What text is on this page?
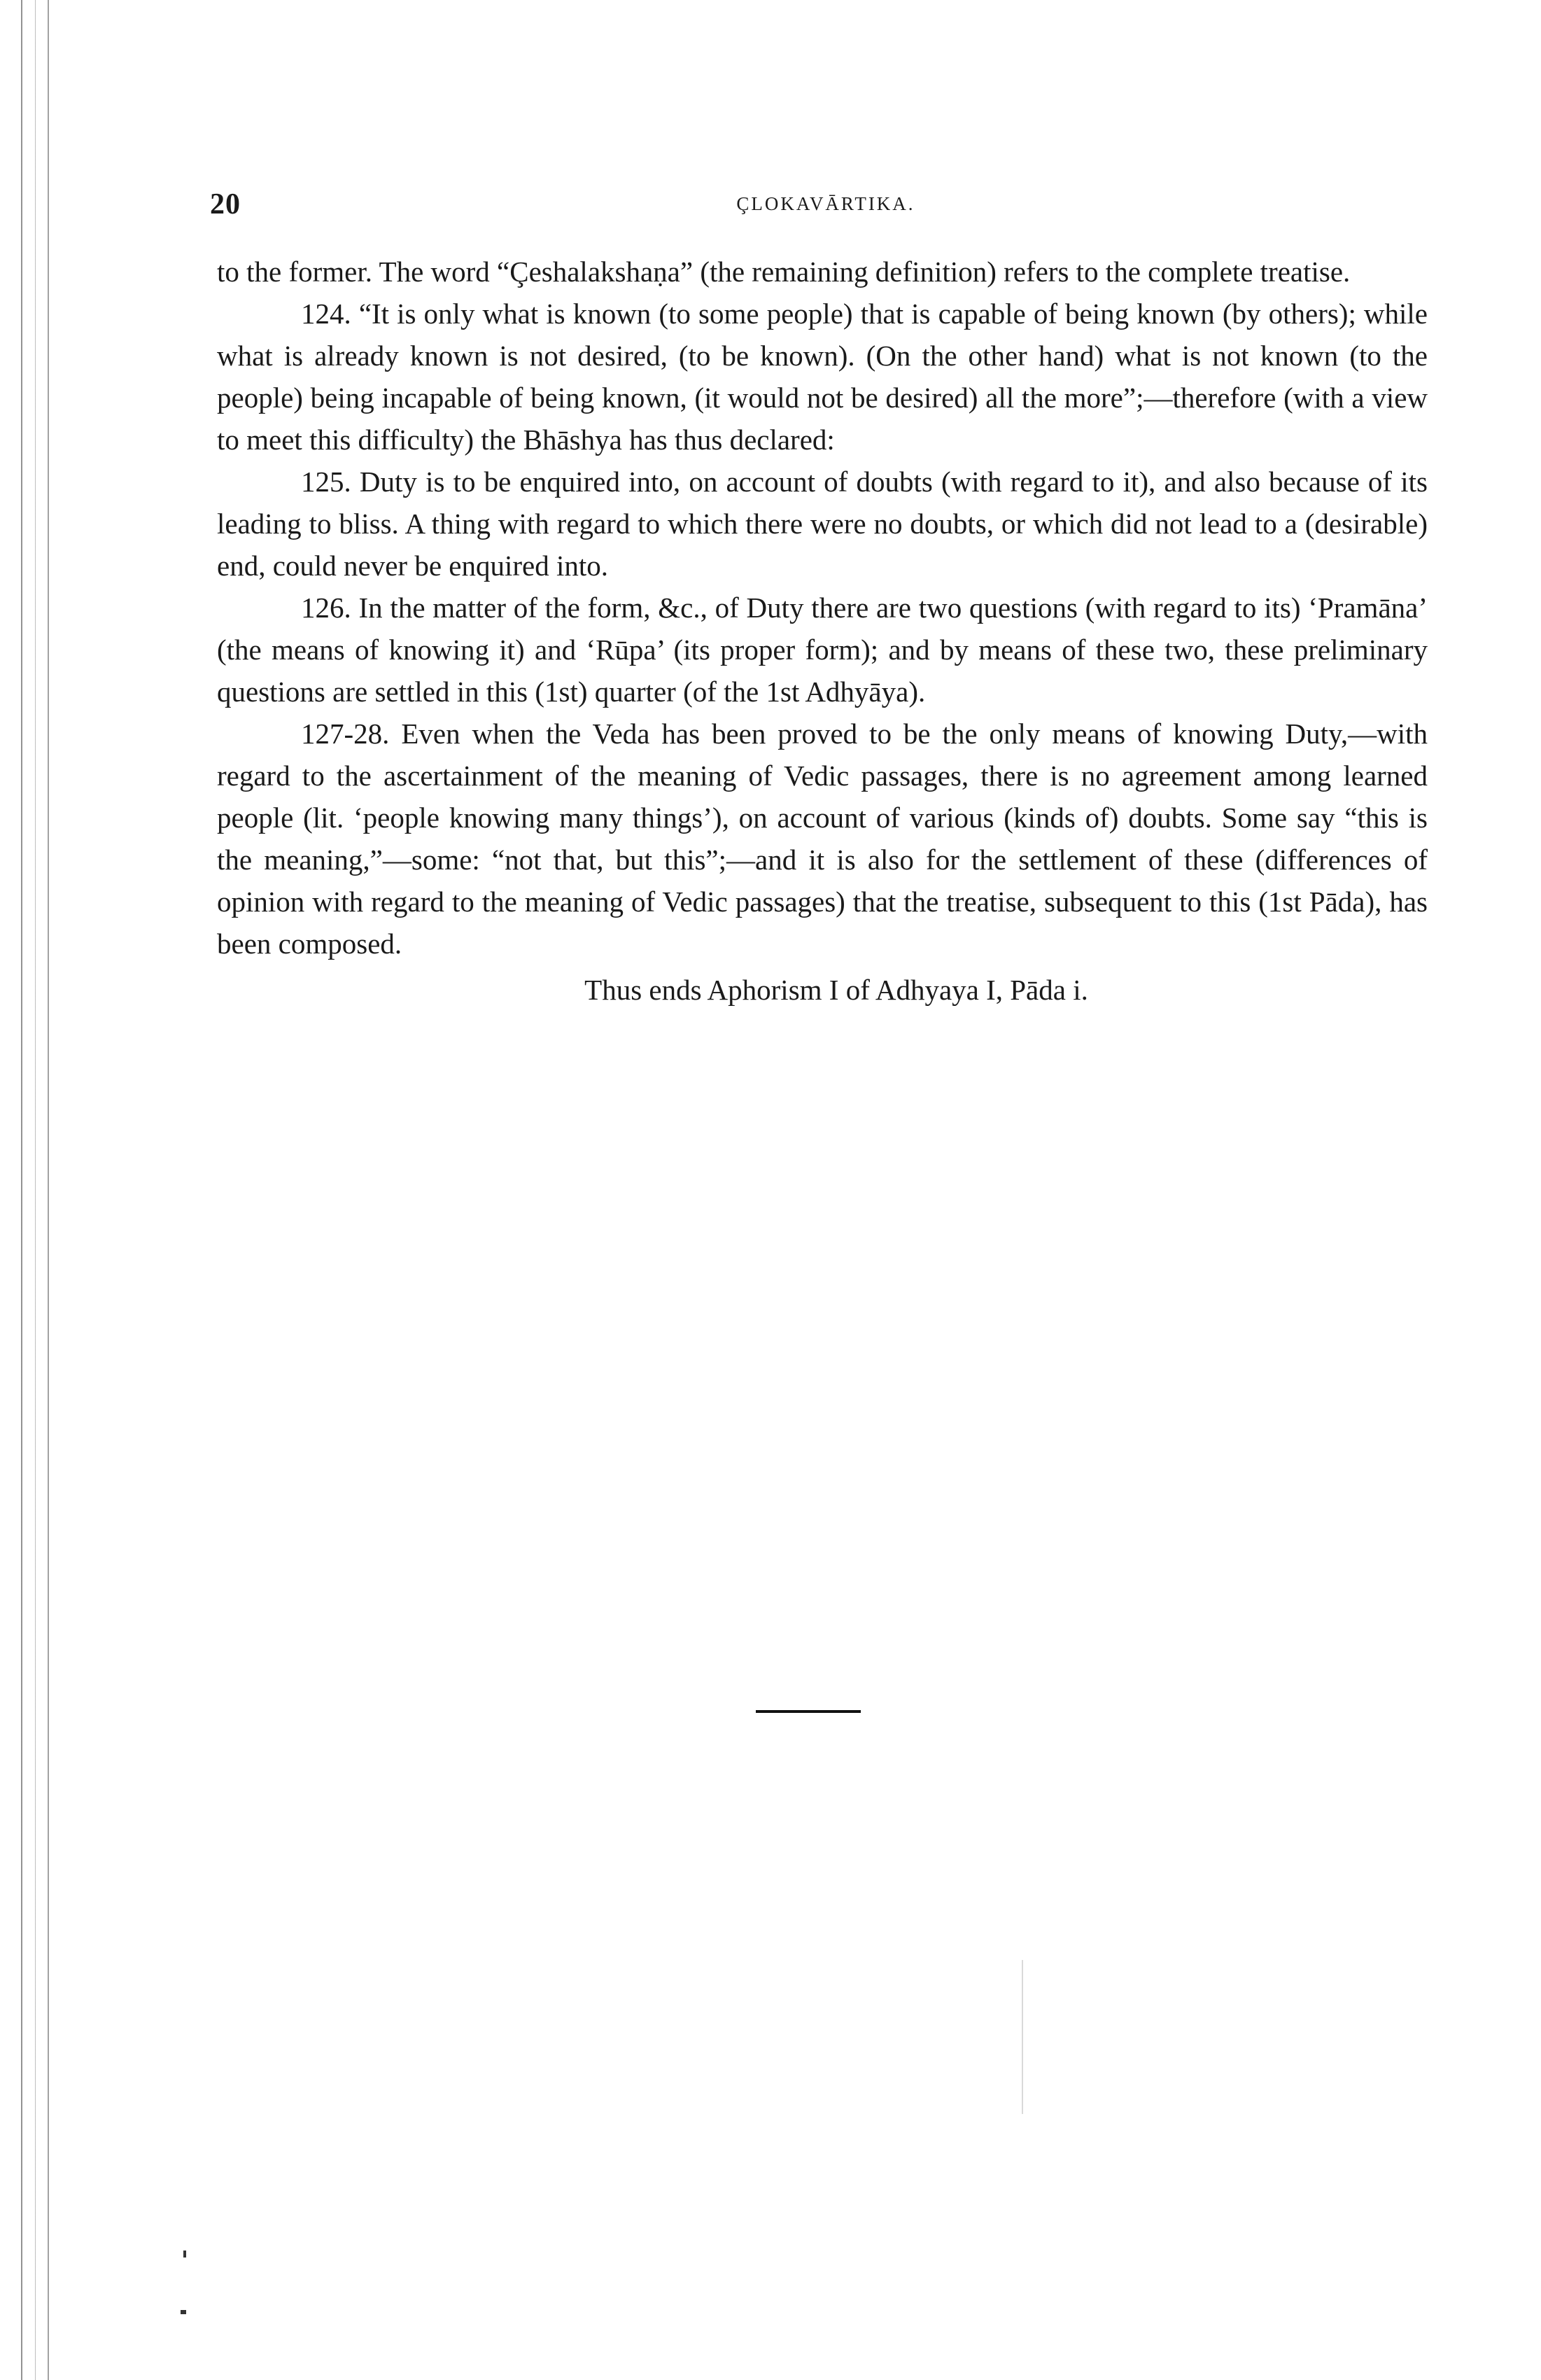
20	ÇLOKAVĀRTIKA.

to the former. The word “Çeshalakshaṇa” (the remaining definition) refers to the complete treatise.

124. “It is only what is known (to some people) that is capable of being known (by others); while what is already known is not desired, (to be known). (On the other hand) what is not known (to the people) being incapable of being known, (it would not be desired) all the more”;—therefore (with a view to meet this difficulty) the Bhāshya has thus declared:

125. Duty is to be enquired into, on account of doubts (with regard to it), and also because of its leading to bliss. A thing with regard to which there were no doubts, or which did not lead to a (desirable) end, could never be enquired into.

126. In the matter of the form, &c., of Duty there are two questions (with regard to its) ‘Pramāna’ (the means of knowing it) and ‘Rūpa’ (its proper form); and by means of these two, these preliminary questions are settled in this (1st) quarter (of the 1st Adhyāya).

127-28. Even when the Veda has been proved to be the only means of knowing Duty,—with regard to the ascertainment of the meaning of Vedic passages, there is no agreement among learned people (lit. ‘people knowing many things’), on account of various (kinds of) doubts. Some say “this is the meaning,”—some: “not that, but this”;—and it is also for the settlement of these (differences of opinion with regard to the meaning of Vedic passages) that the treatise, subsequent to this (1st Pāda), has been composed.

Thus ends Aphorism I of Adhyaya I, Pāda i.
